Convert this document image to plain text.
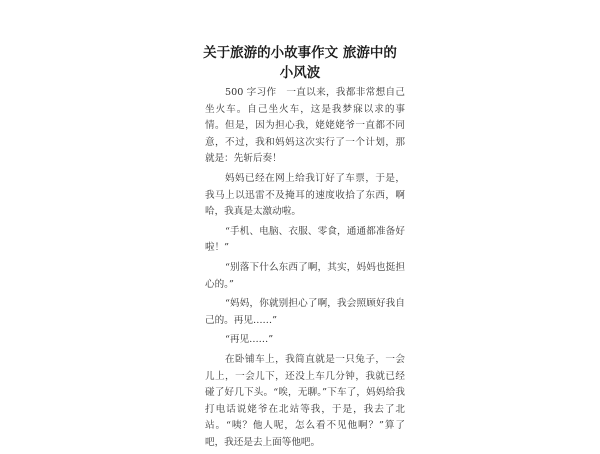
关于旅游的小故事作文 旅游中的小风波

500 字习作　一直以来，我都非常想自己坐火车。自己坐火车，这是我梦寐以求的事情。但是，因为担心我，姥姥姥爷一直都不同意，不过，我和妈妈这次实行了一个计划，那就是：先斩后奏！

妈妈已经在网上给我订好了车票，于是，我马上以迅雷不及掩耳的速度收拾了东西，啊哈，我真是太激动啦。

“手机、电脑、衣服、零食，通通都准备好啦！”

“别落下什么东西了啊，其实，妈妈也挺担心的。”

“妈妈，你就别担心了啊，我会照顾好我自己的。再见……”

“再见……”

在卧铺车上，我简直就是一只兔子，一会儿上，一会儿下，还没上车几分钟，我就已经碰了好几下头。“唉，无聊。”下车了，妈妈给我打电话说姥爷在北站等我，于是，我去了北站。“咦？他人呢，怎么看不见他啊？”算了吧，我还是去上面等他吧。
